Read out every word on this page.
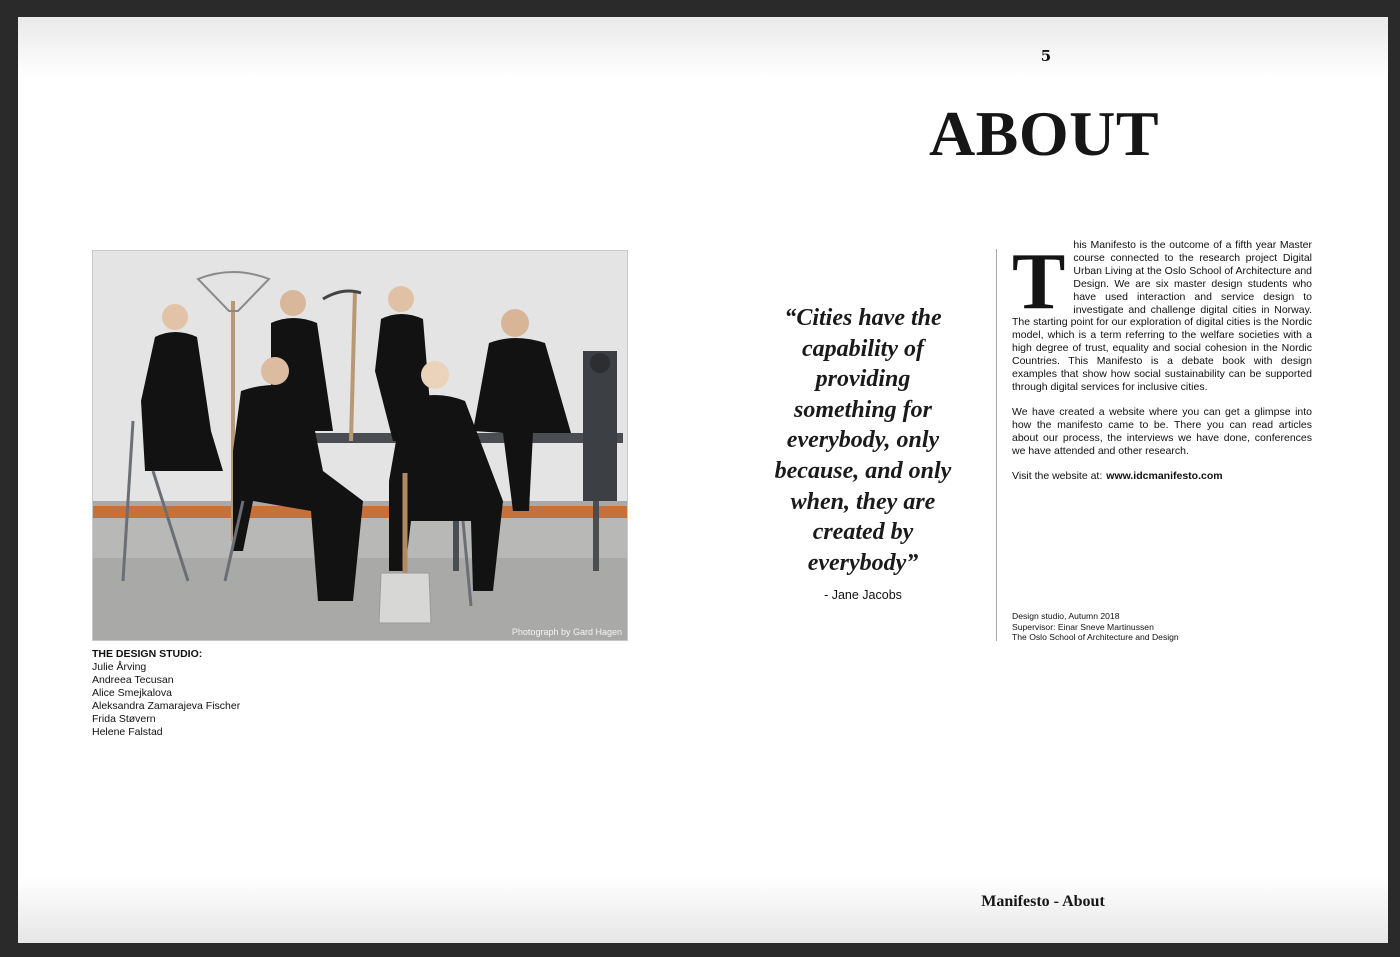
5
ABOUT
Photograph by Gard Hagen
THE DESIGN STUDIO:
Julie Årving
Andreea Tecusan
Alice Smejkalova
Aleksandra Zamarajeva Fischer
Frida Støvern
Helene Falstad
“Cities have the capability of providing something for everybody, only because, and only when, they are created by everybody”
- Jane Jacobs

This Manifesto is the outcome of a fifth year Master course connected to the research project Digital Urban Living at the Oslo School of Architecture and Design. We are six master design students who have used interaction and service design to investigate and challenge digital cities in Norway. The starting point for our exploration of digital cities is the Nordic model, which is a term referring to the welfare societies with a high degree of trust, equality and social cohesion in the Nordic Countries. This Manifesto is a debate book with design examples that show how social sustainability can be supported through digital services for inclusive cities.

We have created a website where you can get a glimpse into how the manifesto came to be. There you can read articles about our process, the interviews we have done, conferences we have attended and other research.

Visit the website at: www.idcmanifesto.com

Design studio, Autumn 2018
Supervisor: Einar Sneve Martinussen
The Oslo School of Architecture and Design
Manifesto - About
